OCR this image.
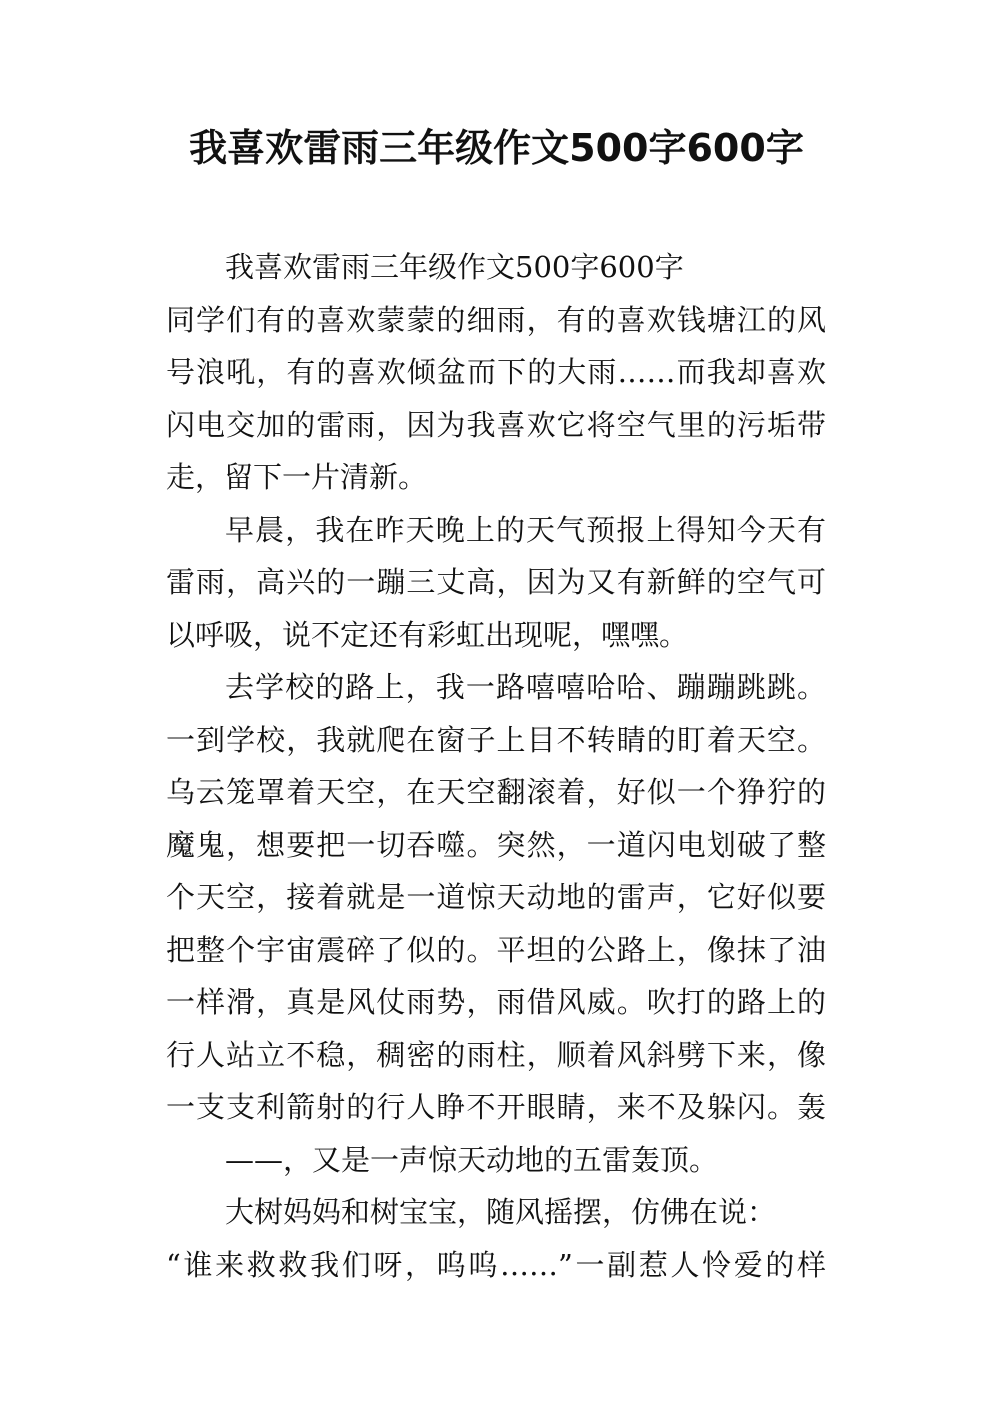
我喜欢雷雨三年级作文500字600字
我喜欢雷雨三年级作文500字600字
同学们有的喜欢蒙蒙的细雨，有的喜欢钱塘江的风
号浪吼，有的喜欢倾盆而下的大雨……而我却喜欢
闪电交加的雷雨，因为我喜欢它将空气里的污垢带
走，留下一片清新。
早晨，我在昨天晚上的天气预报上得知今天有
雷雨，高兴的一蹦三丈高，因为又有新鲜的空气可
以呼吸，说不定还有彩虹出现呢，嘿嘿。
去学校的路上，我一路嘻嘻哈哈、蹦蹦跳跳。
一到学校，我就爬在窗子上目不转睛的盯着天空。
乌云笼罩着天空，在天空翻滚着，好似一个狰狞的
魔鬼，想要把一切吞噬。突然，一道闪电划破了整
个天空，接着就是一道惊天动地的雷声，它好似要
把整个宇宙震碎了似的。平坦的公路上，像抹了油
一样滑，真是风仗雨势，雨借风威。吹打的路上的
行人站立不稳，稠密的雨柱，顺着风斜劈下来，像
一支支利箭射的行人睁不开眼睛，来不及躲闪。轰
——，又是一声惊天动地的五雷轰顶。
大树妈妈和树宝宝，随风摇摆，仿佛在说：
“谁来救救我们呀，呜呜……”一副惹人怜爱的样
